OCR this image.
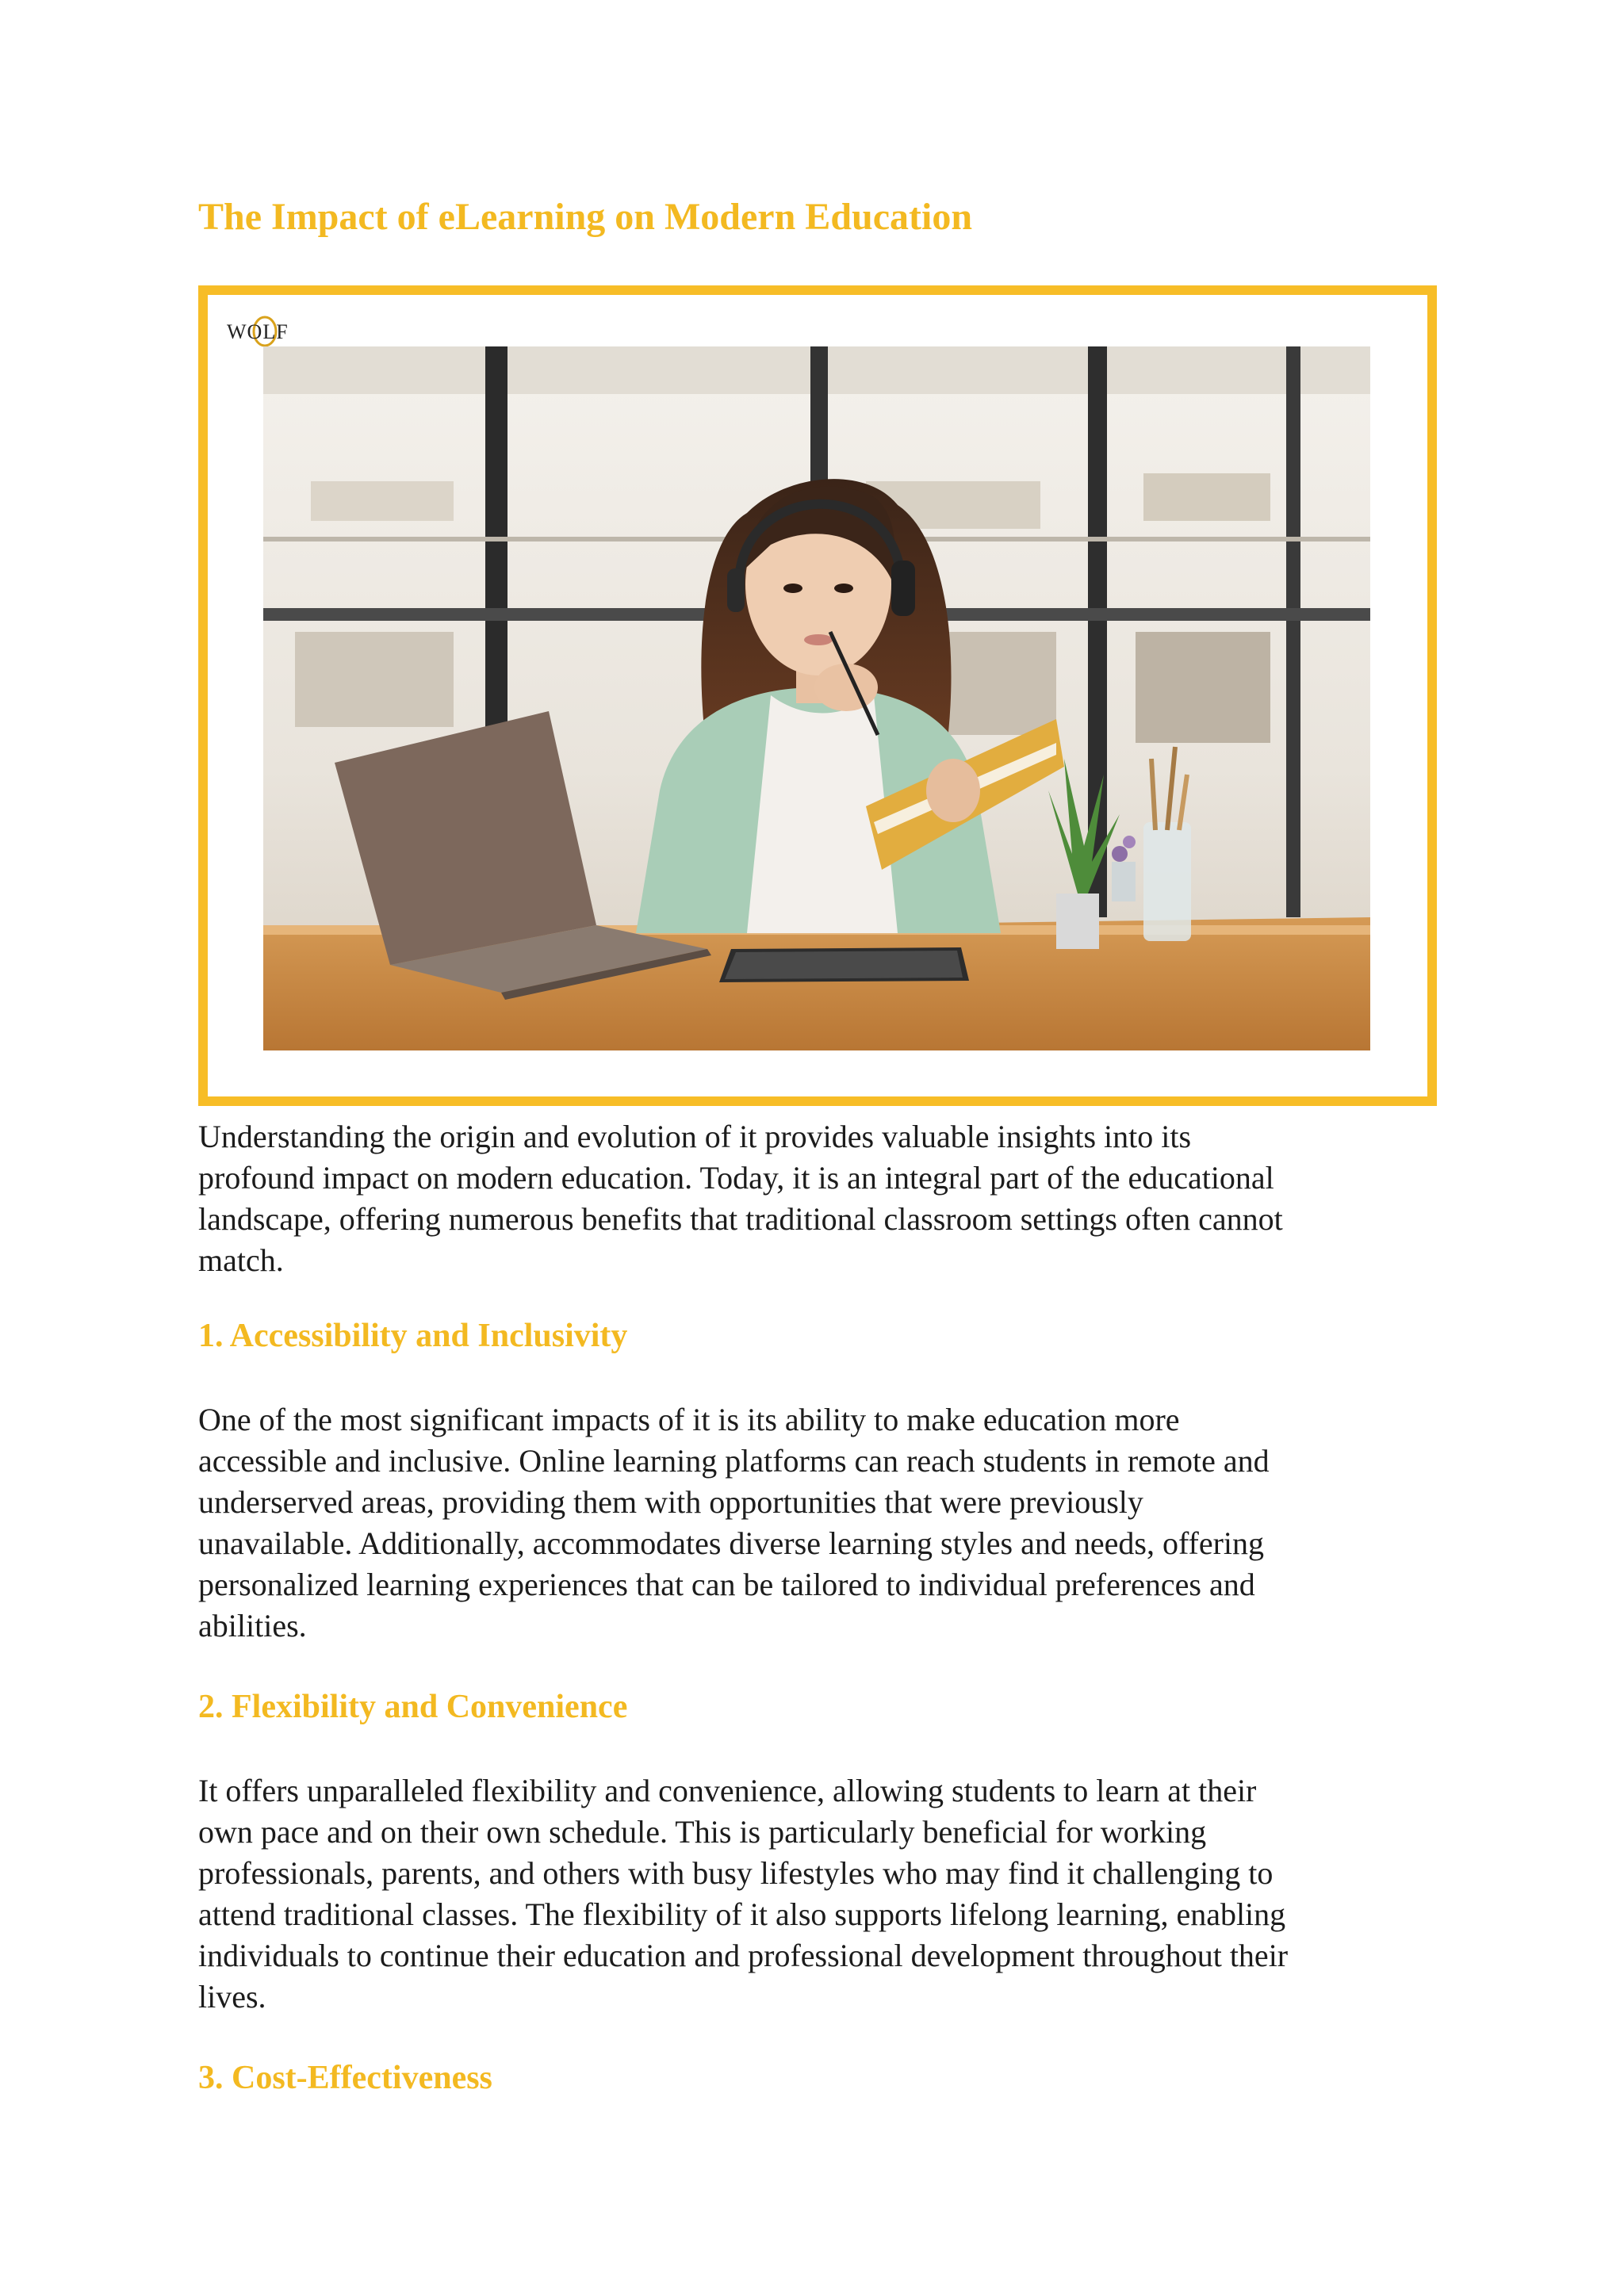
The Impact of eLearning on Modern Education
WOLF

Understanding the origin and evolution of it provides valuable insights into its
profound impact on modern education. Today, it is an integral part of the educational
landscape, offering numerous benefits that traditional classroom settings often cannot
match.

1. Accessibility and Inclusivity

One of the most significant impacts of it is its ability to make education more
accessible and inclusive. Online learning platforms can reach students in remote and
underserved areas, providing them with opportunities that were previously
unavailable. Additionally, accommodates diverse learning styles and needs, offering
personalized learning experiences that can be tailored to individual preferences and
abilities.

2. Flexibility and Convenience

It offers unparalleled flexibility and convenience, allowing students to learn at their
own pace and on their own schedule. This is particularly beneficial for working
professionals, parents, and others with busy lifestyles who may find it challenging to
attend traditional classes. The flexibility of it also supports lifelong learning, enabling
individuals to continue their education and professional development throughout their
lives.

3. Cost-Effectiveness
